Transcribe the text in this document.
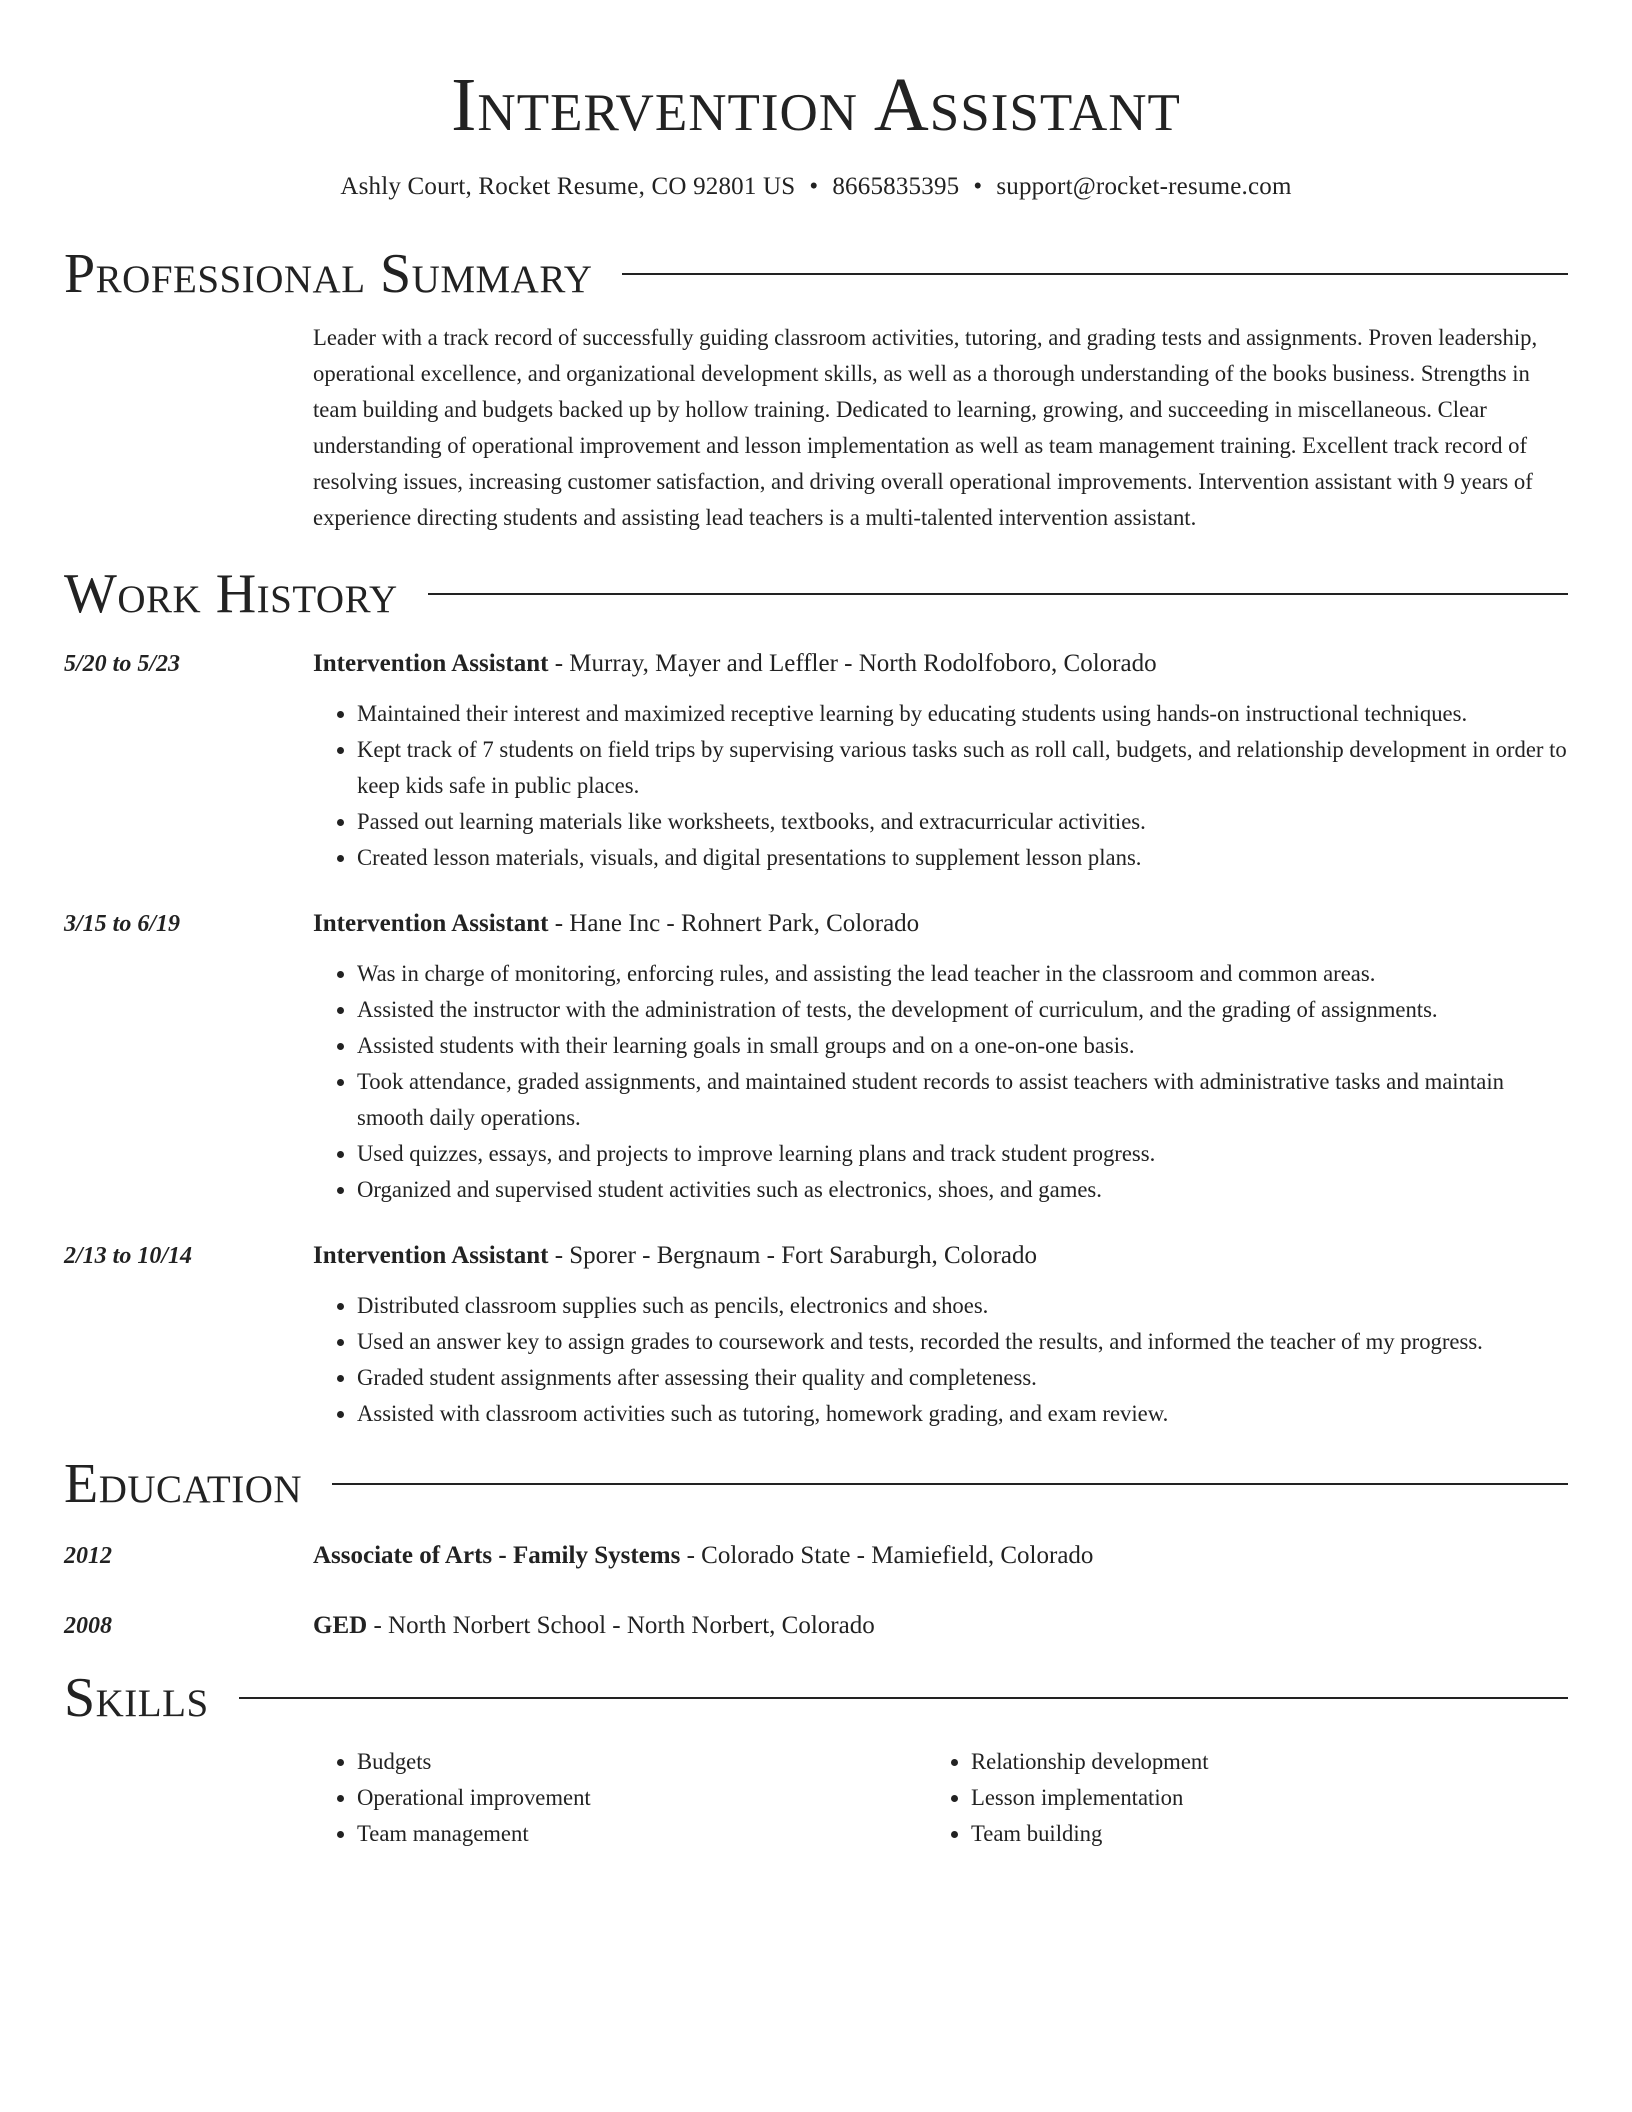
Intervention Assistant
Ashly Court, Rocket Resume, CO 92801 US • 8665835395 • support@rocket-resume.com
Professional Summary
Leader with a track record of successfully guiding classroom activities, tutoring, and grading tests and assignments. Proven leadership, operational excellence, and organizational development skills, as well as a thorough understanding of the books business. Strengths in team building and budgets backed up by hollow training. Dedicated to learning, growing, and succeeding in miscellaneous. Clear understanding of operational improvement and lesson implementation as well as team management training. Excellent track record of resolving issues, increasing customer satisfaction, and driving overall operational improvements. Intervention assistant with 9 years of experience directing students and assisting lead teachers is a multi-talented intervention assistant.
Work History
5/20 to 5/23	Intervention Assistant - Murray, Mayer and Leffler - North Rodolfoboro, Colorado
• Maintained their interest and maximized receptive learning by educating students using hands-on instructional techniques.
• Kept track of 7 students on field trips by supervising various tasks such as roll call, budgets, and relationship development in order to keep kids safe in public places.
• Passed out learning materials like worksheets, textbooks, and extracurricular activities.
• Created lesson materials, visuals, and digital presentations to supplement lesson plans.
3/15 to 6/19	Intervention Assistant - Hane Inc - Rohnert Park, Colorado
• Was in charge of monitoring, enforcing rules, and assisting the lead teacher in the classroom and common areas.
• Assisted the instructor with the administration of tests, the development of curriculum, and the grading of assignments.
• Assisted students with their learning goals in small groups and on a one-on-one basis.
• Took attendance, graded assignments, and maintained student records to assist teachers with administrative tasks and maintain smooth daily operations.
• Used quizzes, essays, and projects to improve learning plans and track student progress.
• Organized and supervised student activities such as electronics, shoes, and games.
2/13 to 10/14	Intervention Assistant - Sporer - Bergnaum - Fort Saraburgh, Colorado
• Distributed classroom supplies such as pencils, electronics and shoes.
• Used an answer key to assign grades to coursework and tests, recorded the results, and informed the teacher of my progress.
• Graded student assignments after assessing their quality and completeness.
• Assisted with classroom activities such as tutoring, homework grading, and exam review.
Education
2012	Associate of Arts - Family Systems - Colorado State - Mamiefield, Colorado
2008	GED - North Norbert School - North Norbert, Colorado
Skills
• Budgets
• Operational improvement
• Team management
• Relationship development
• Lesson implementation
• Team building
